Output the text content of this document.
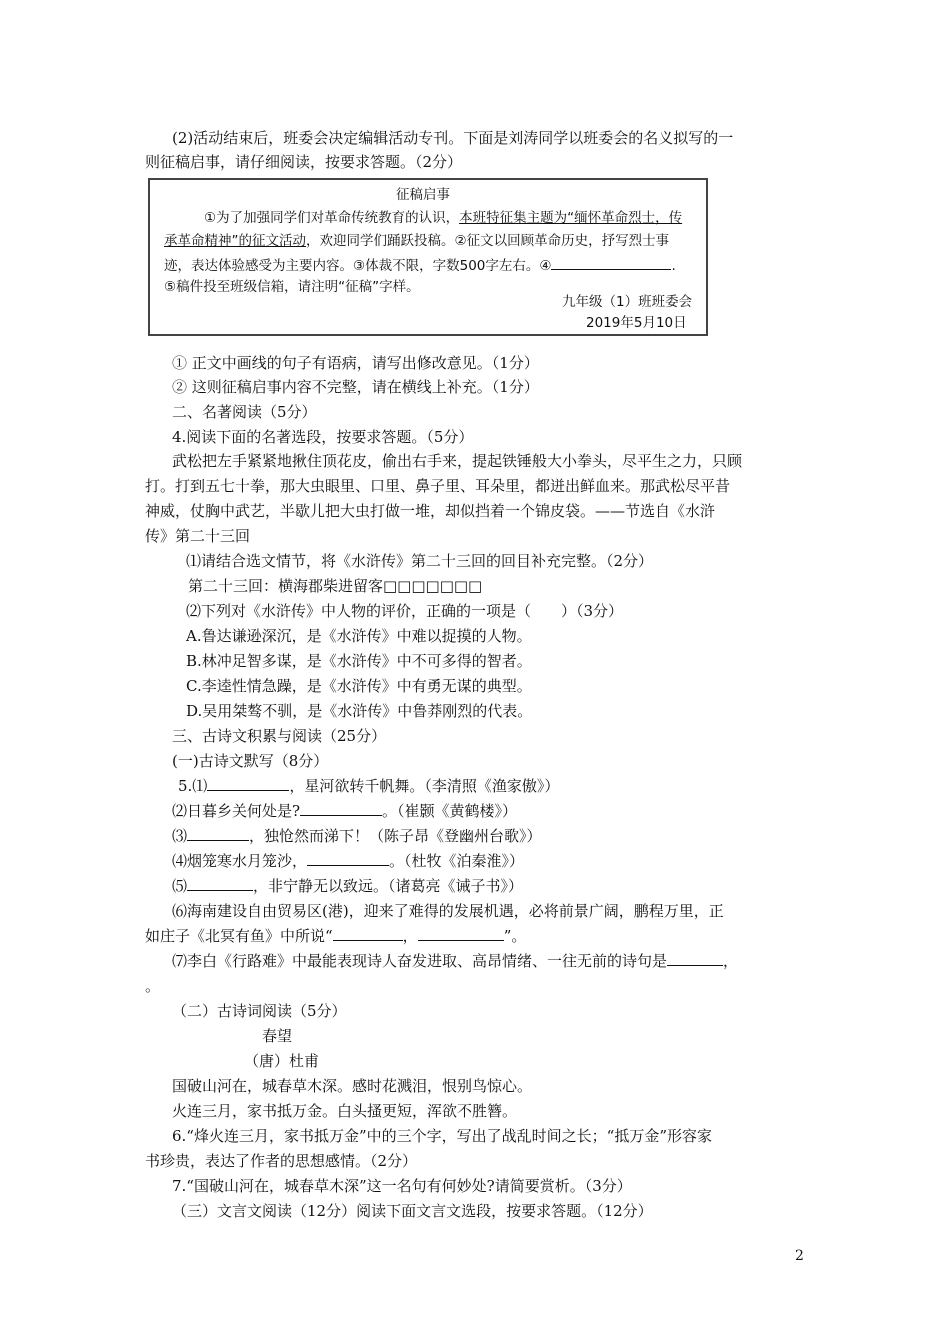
(2)活动结束后，班委会决定编辑活动专刊。下面是刘涛同学以班委会的名义拟写的一
则征稿启事，请仔细阅读，按要求答题。（2分）
征稿启事
①为了加强同学们对革命传统教育的认识，本班特征集主题为“缅怀革命烈士，传
承革命精神”的征文活动，欢迎同学们踊跃投稿。②征文以回顾革命历史，抒写烈士事
迹，表达体验感受为主要内容。③体裁不限，字数500字左右。④	.
⑤稿件投至班级信箱，请注明“征稿”字样。
九年级（1）班班委会
2019年5月10日
① 正文中画线的句子有语病，请写出修改意见。（1分）
② 这则征稿启事内容不完整，请在横线上补充。（1分）
二、名著阅读（5分）
4.阅读下面的名著选段，按要求答题。（5分）
武松把左手紧紧地揪住顶花皮，偷出右手来，提起铁锤般大小拳头，尽平生之力，只顾
打。打到五七十拳，那大虫眼里、口里、鼻子里、耳朵里，都迸出鲜血来。那武松尽平昔
神威，仗胸中武艺，半歇儿把大虫打做一堆，却似挡着一个锦皮袋。——节选自《水浒
传》第二十三回
⑴请结合选文情节，将《水浒传》第二十三回的回目补充完整。（2分）
第二十三回：横海郡柴进留客□□□□□□□
⑵下列对《水浒传》中人物的评价，正确的一项是（　　）（3分）
A.鲁达谦逊深沉，是《水浒传》中难以捉摸的人物。
B.林冲足智多谋，是《水浒传》中不可多得的智者。
C.李逵性情急躁，是《水浒传》中有勇无谋的典型。
D.吴用桀骜不驯，是《水浒传》中鲁莽刚烈的代表。
三、古诗文积累与阅读（25分）
(一)古诗文默写（8分）
5.⑴	，星河欲转千帆舞。（李清照《渔家傲》）
⑵日暮乡关何处是?	。（崔颢《黄鹤楼》）
⑶	，独怆然而涕下！（陈子昂《登幽州台歌》）
⑷烟笼寒水月笼沙，	。（杜牧《泊秦淮》）
⑸	，非宁静无以致远。（诸葛亮《诫子书》）
⑹海南建设自由贸易区(港)，迎来了难得的发展机遇，必将前景广阔，鹏程万里，正
如庄子《北冥有鱼》中所说“	，	”。
⑺李白《行路难》中最能表现诗人奋发进取、高昂情绪、一往无前的诗句是	，
。
（二）古诗词阅读（5分）
春望
（唐）杜甫
国破山河在，城春草木深。感时花溅泪，恨别鸟惊心。
火连三月，家书抵万金。白头搔更短，浑欲不胜簪。
6.“烽火连三月，家书抵万金”中的三个字，写出了战乱时间之长；“抵万金”形容家
书珍贵，表达了作者的思想感情。（2分）
7.“国破山河在，城春草木深”这一名句有何妙处?请简要赏析。（3分）
（三）文言文阅读（12分）阅读下面文言文选段，按要求答题。（12分）
2
